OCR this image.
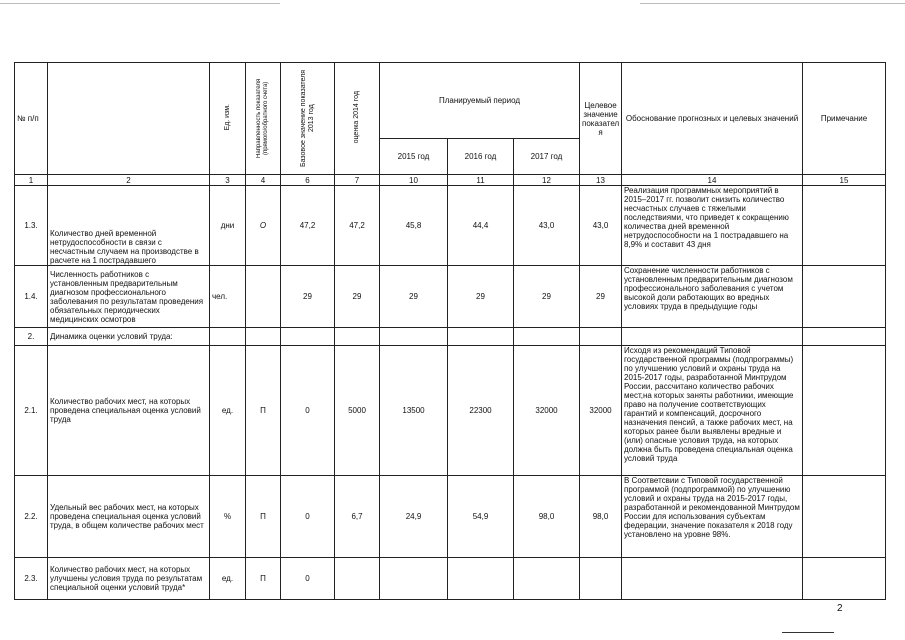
№ п/п		Ед. изм.	Направленность показателя (прямого/обратного счета)	Базовое значение показателя 2013 год	оценка 2014 год	Планируемый период			Целевое значение показател я	Обоснование прогнозных и целевых значений	Примечание
						2015 год	2016 год	2017 год			
1	2	3	4	6	7	10	11	12	13	14	15
1.3.	Количество дней временной нетрудоспособности в связи с несчастным случаем на производстве в расчете на 1 пострадавшего	дни	О	47,2	47,2	45,8	44,4	43,0	43,0	Реализация программных мероприятий в 2015–2017 гг. позволит снизить количество несчастных случаев с тяжелыми последствиями, что приведет к сокращению количества дней временной нетрудоспособности на 1 пострадавшего на 8,9% и составит 43 дня	
1.4.	Численность работников с установленным предварительным диагнозом профессионального заболевания по результатам проведения обязательных периодических медицинских осмотров	чел.		29	29	29	29	29	29	Сохранение численности работников с установленным предварительным диагнозом профессионального заболевания с учетом высокой доли работающих во вредных условиях труда в предыдущие годы	
2.	Динамика оценки условий труда:										
2.1.	Количество рабочих мест, на которых проведена специальная оценка условий труда	ед.	П	0	5000	13500	22300	32000	32000	Исходя из рекомендаций Типовой государственной программы (подпрограммы) по улучшению условий и охраны труда на 2015-2017 годы, разработанной Минтрудом России, рассчитано количество рабочих мест,на которых заняты работники, имеющие право на получение соответствующих гарантий и компенсаций, досрочного назначения пенсий, а также рабочих мест, на которых ранее были выявлены вредные и (или) опасные условия труда, на которых должна быть проведена специальная оценка условий труда	
2.2.	Удельный вес рабочих мест, на которых проведена специальная оценка условий труда, в общем количестве рабочих мест	%	П	0	6,7	24,9	54,9	98,0	98,0	В Соответсвии с Типовой государственной программой (подпрограммой) по улучшению условий и охраны труда на 2015-2017 годы, разработанной и рекомендованной Минтрудом России для использования субъектам федерации, значение показателя к 2018 году установлено на уровне 98%.	
2.3.	Количество рабочих мест, на которых улучшены условия труда по результатам специальной оценки условий труда*	ед.	П	0							
2
